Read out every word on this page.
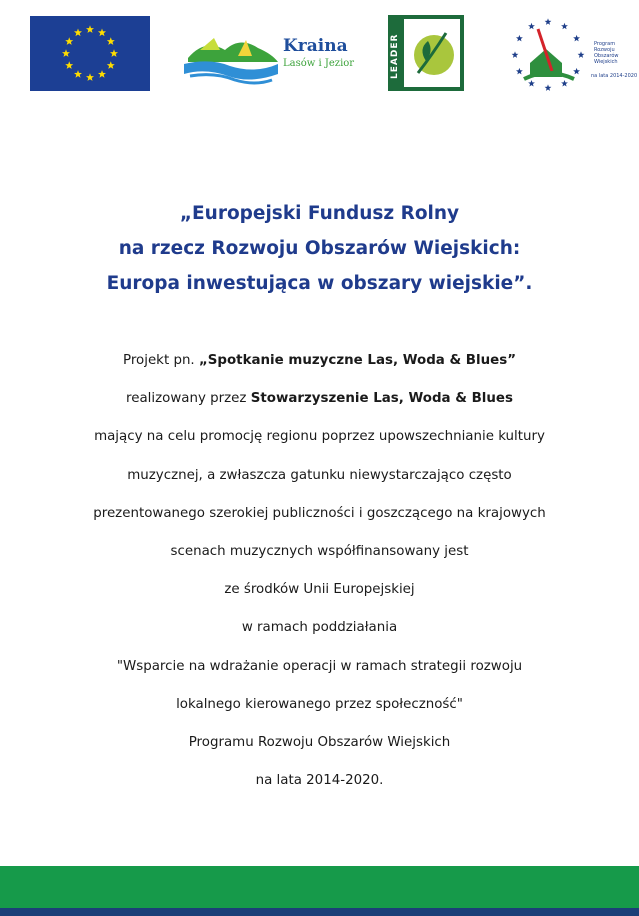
Kraina
Lasów i Jezior	LEADER	Program
Rozwoju
Obszarów
Wiejskich
na lata 2014-2020
„Europejski Fundusz Rolny
na rzecz Rozwoju Obszarów Wiejskich:
Europa inwestująca w obszary wiejskie”.
Projekt pn. „Spotkanie muzyczne Las, Woda & Blues”
realizowany przez Stowarzyszenie Las, Woda & Blues
mający na celu promocję regionu poprzez upowszechnianie kultury
muzycznej, a zwłaszcza gatunku niewystarczająco często
prezentowanego szerokiej publiczności i goszczącego na krajowych
scenach muzycznych współfinansowany jest
ze środków Unii Europejskiej
w ramach poddziałania
"Wsparcie na wdrażanie operacji w ramach strategii rozwoju
lokalnego kierowanego przez społeczność"
Programu Rozwoju Obszarów Wiejskich
na lata 2014-2020.
